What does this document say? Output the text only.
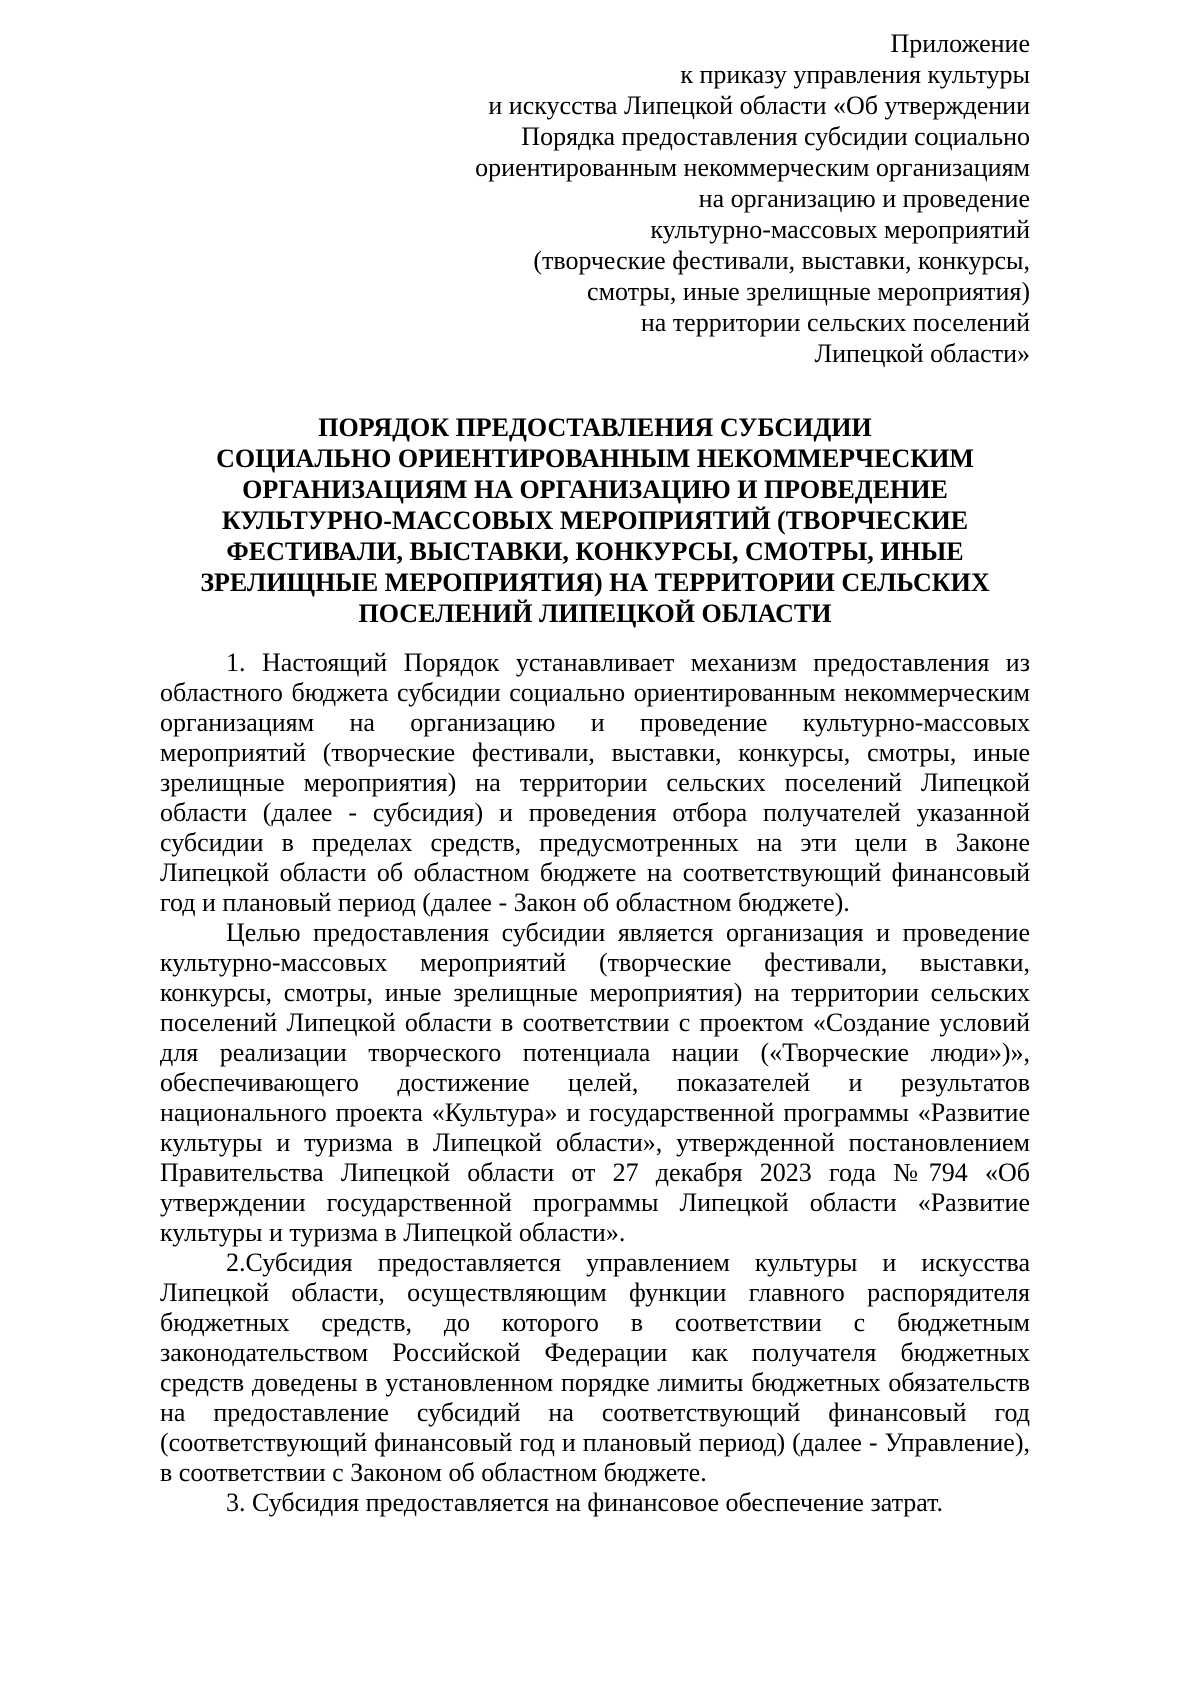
Приложение
к приказу управления культуры
и искусства Липецкой области «Об утверждении
Порядка предоставления субсидии социально
ориентированным некоммерческим организациям
на организацию и проведение
культурно-массовых мероприятий
(творческие фестивали, выставки, конкурсы,
смотры, иные зрелищные мероприятия)
на территории сельских поселений
Липецкой области»
ПОРЯДОК ПРЕДОСТАВЛЕНИЯ СУБСИДИИ
СОЦИАЛЬНО ОРИЕНТИРОВАННЫМ НЕКОММЕРЧЕСКИМ
ОРГАНИЗАЦИЯМ НА ОРГАНИЗАЦИЮ И ПРОВЕДЕНИЕ
КУЛЬТУРНО-МАССОВЫХ МЕРОПРИЯТИЙ (ТВОРЧЕСКИЕ
ФЕСТИВАЛИ, ВЫСТАВКИ, КОНКУРСЫ, СМОТРЫ, ИНЫЕ
ЗРЕЛИЩНЫЕ МЕРОПРИЯТИЯ) НА ТЕРРИТОРИИ СЕЛЬСКИХ
ПОСЕЛЕНИЙ ЛИПЕЦКОЙ ОБЛАСТИ

1. Настоящий Порядок устанавливает механизм предоставления из областного бюджета субсидии социально ориентированным некоммерческим организациям на организацию и проведение культурно-массовых мероприятий (творческие фестивали, выставки, конкурсы, смотры, иные зрелищные мероприятия) на территории сельских поселений Липецкой области (далее - субсидия) и проведения отбора получателей указанной субсидии в пределах средств, предусмотренных на эти цели в Законе Липецкой области об областном бюджете на соответствующий финансовый год и плановый период (далее - Закон об областном бюджете).

Целью предоставления субсидии является организация и проведение культурно-массовых мероприятий (творческие фестивали, выставки, конкурсы, смотры, иные зрелищные мероприятия) на территории сельских поселений Липецкой области в соответствии с проектом «Создание условий для реализации творческого потенциала нации («Творческие люди»)», обеспечивающего достижение целей, показателей и результатов национального проекта «Культура» и государственной программы «Развитие культуры и туризма в Липецкой области», утвержденной постановлением Правительства Липецкой области от 27 декабря 2023 года №794 «Об утверждении государственной программы Липецкой области «Развитие культуры и туризма в Липецкой области».

2.Субсидия предоставляется управлением культуры и искусства Липецкой области, осуществляющим функции главного распорядителя бюджетных средств, до которого в соответствии с бюджетным законодательством Российской Федерации как получателя бюджетных средств доведены в установленном порядке лимиты бюджетных обязательств на предоставление субсидий на соответствующий финансовый год (соответствующий финансовый год и плановый период) (далее - Управление), в соответствии с Законом об областном бюджете.

3. Субсидия предоставляется на финансовое обеспечение затрат.
